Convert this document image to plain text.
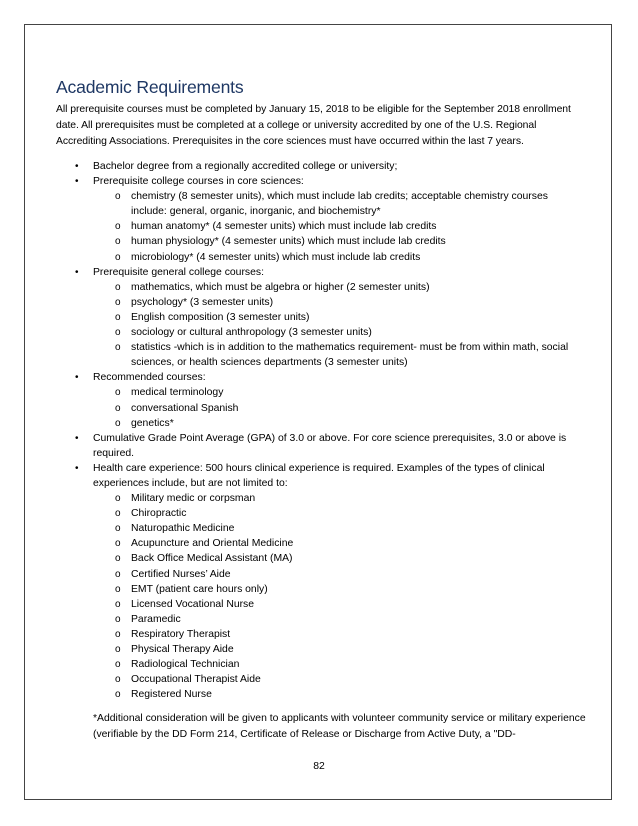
Academic Requirements

All prerequisite courses must be completed by January 15, 2018 to be eligible for the September 2018 enrollment date. All prerequisites must be completed at a college or university accredited by one of the U.S. Regional Accrediting Associations. Prerequisites in the core sciences must have occurred within the last 7 years.

• Bachelor degree from a regionally accredited college or university;
• Prerequisite college courses in core sciences:
o chemistry (8 semester units), which must include lab credits; acceptable chemistry courses include: general, organic, inorganic, and biochemistry*
o human anatomy* (4 semester units) which must include lab credits
o human physiology* (4 semester units) which must include lab credits
o microbiology* (4 semester units) which must include lab credits
• Prerequisite general college courses:
o mathematics, which must be algebra or higher (2 semester units)
o psychology* (3 semester units)
o English composition (3 semester units)
o sociology or cultural anthropology (3 semester units)
o statistics -which is in addition to the mathematics requirement- must be from within math, social sciences, or health sciences departments (3 semester units)
• Recommended courses:
o medical terminology
o conversational Spanish
o genetics*
• Cumulative Grade Point Average (GPA) of 3.0 or above. For core science prerequisites, 3.0 or above is required.
• Health care experience: 500 hours clinical experience is required. Examples of the types of clinical experiences include, but are not limited to:
o Military medic or corpsman
o Chiropractic
o Naturopathic Medicine
o Acupuncture and Oriental Medicine
o Back Office Medical Assistant (MA)
o Certified Nurses’ Aide
o EMT (patient care hours only)
o Licensed Vocational Nurse
o Paramedic
o Respiratory Therapist
o Physical Therapy Aide
o Radiological Technician
o Occupational Therapist Aide
o Registered Nurse

*Additional consideration will be given to applicants with volunteer community service or military experience (verifiable by the DD Form 214, Certificate of Release or Discharge from Active Duty, a "DD-

82
